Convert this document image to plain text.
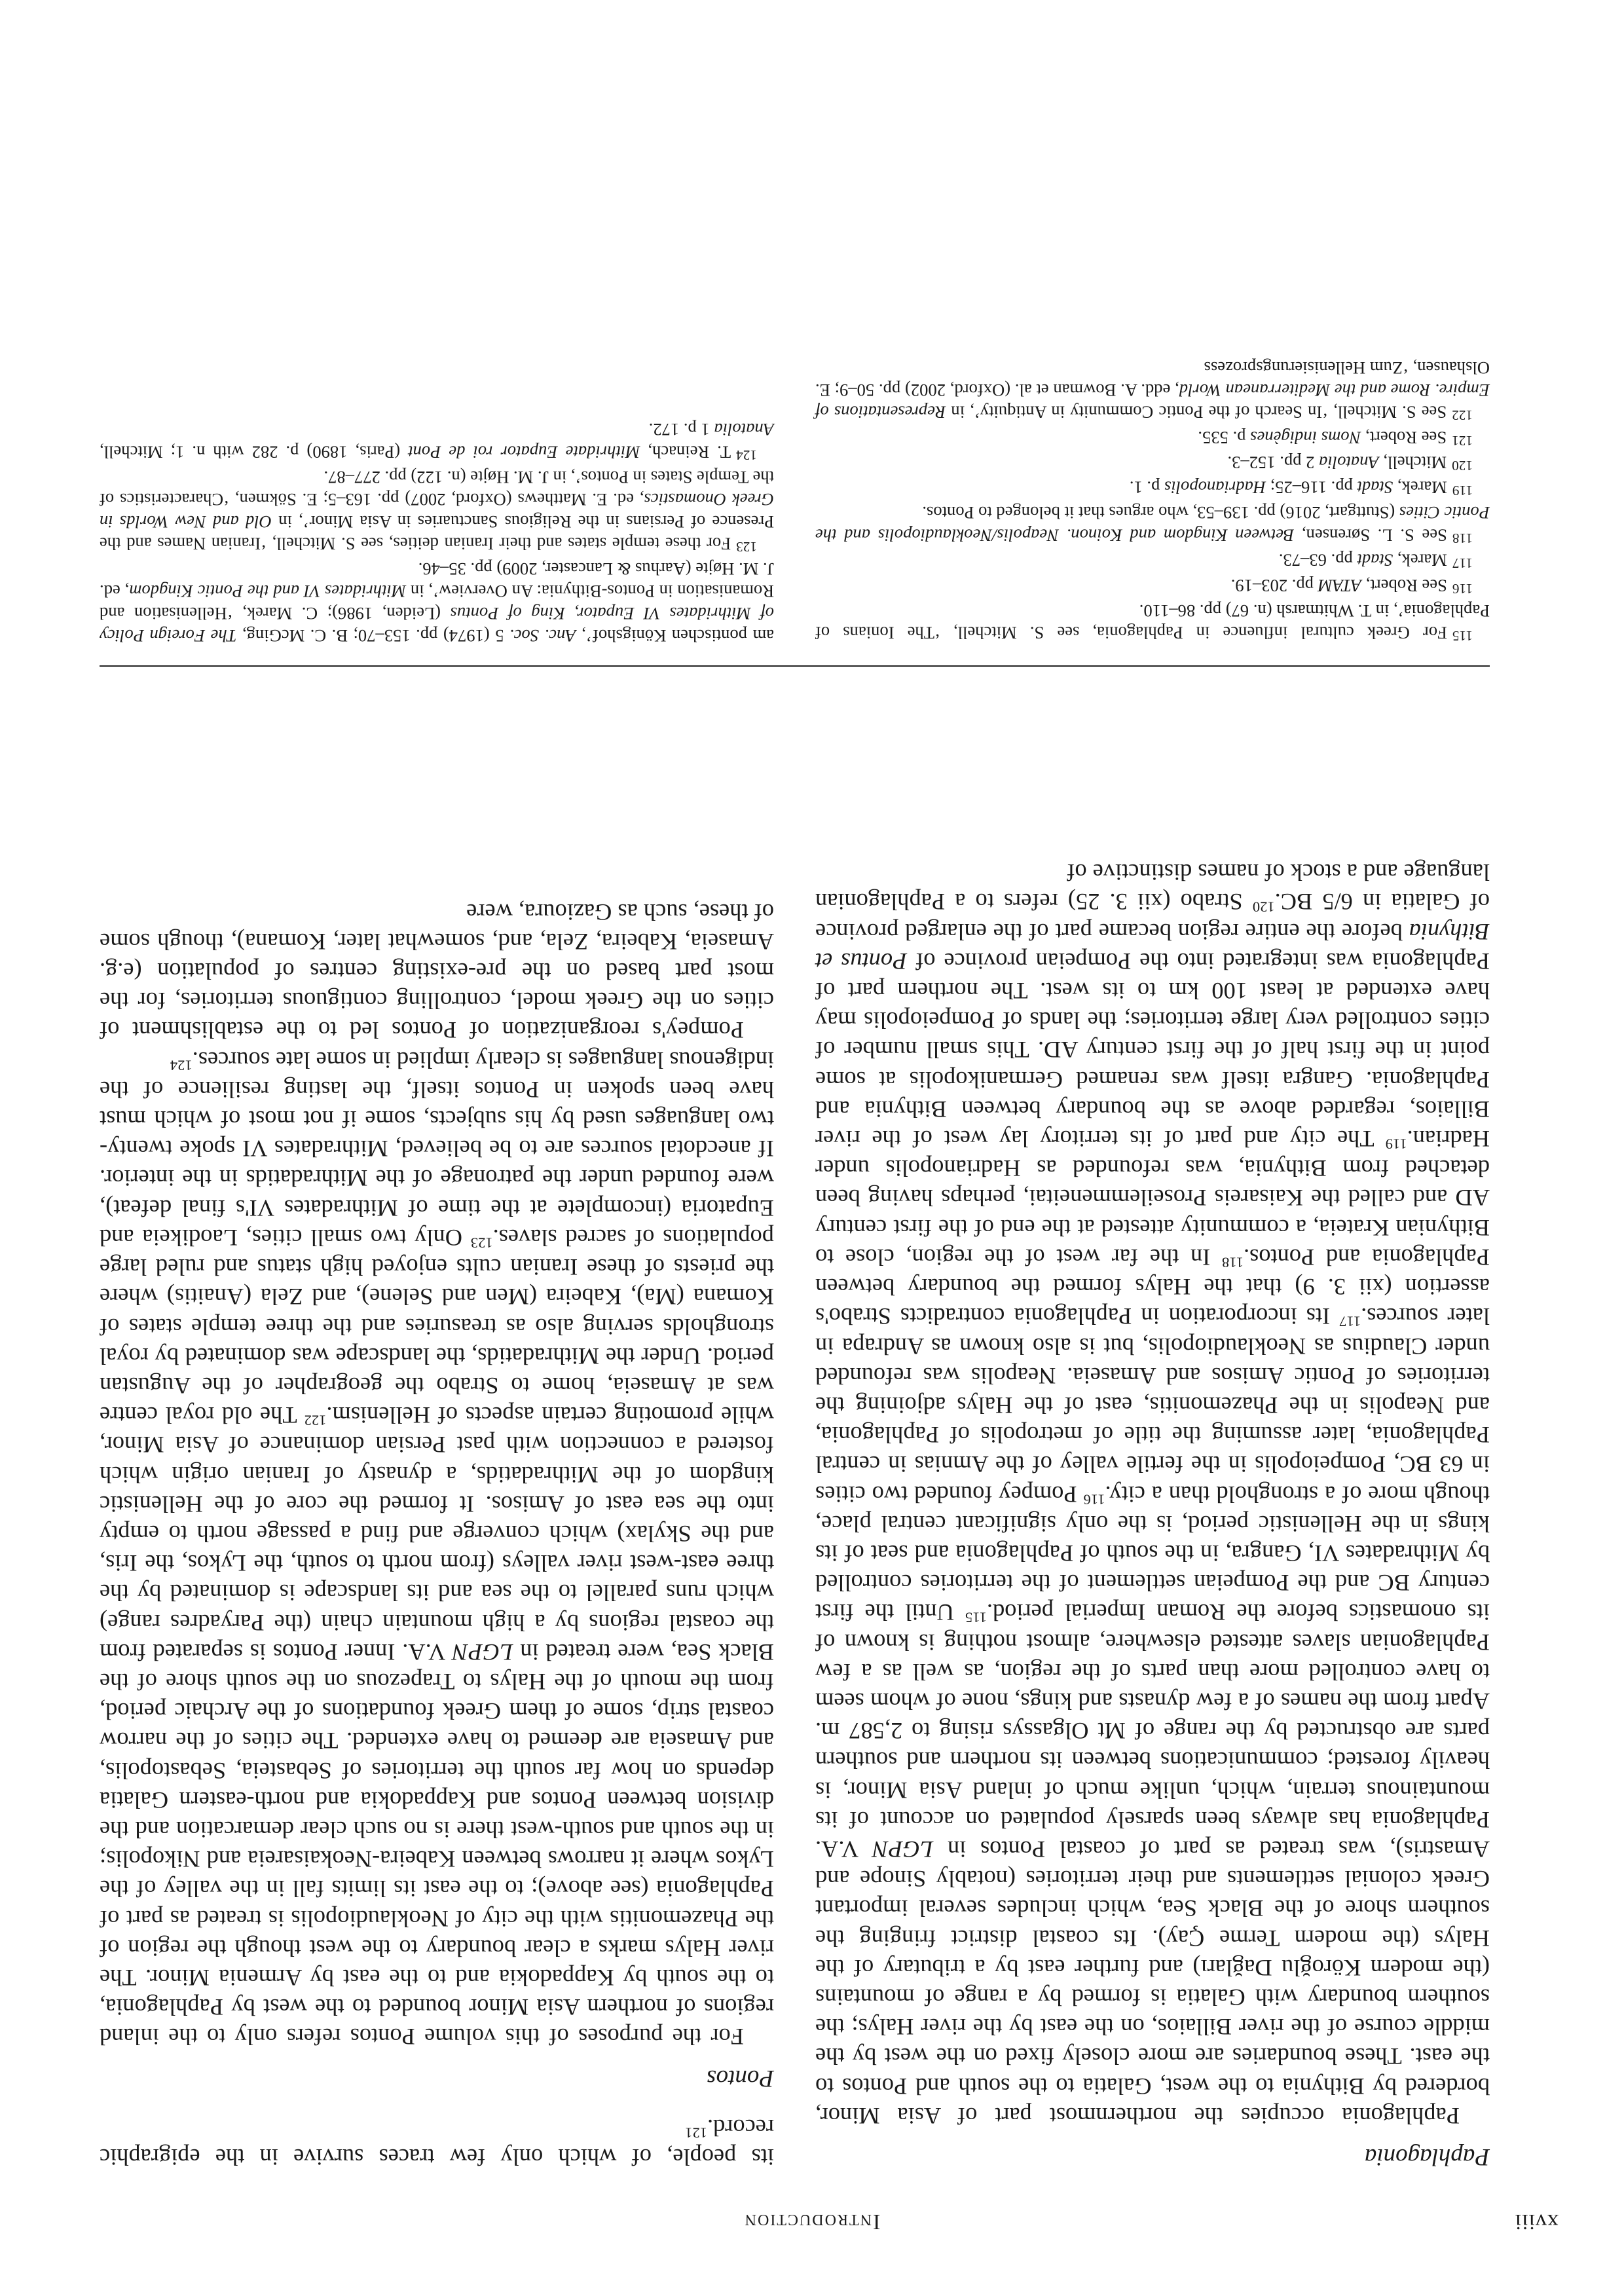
xviii
Introduction
Paphlagonia

Paphlagonia occupies the northernmost part of Asia Minor, bordered by Bithynia to the west, Galatia to the south and Pontos to the east. These boundaries are more closely fixed on the west by the middle course of the river Billaios, on the east by the river Halys; the southern boundary with Galatia is formed by a range of mountains (the modern Köroğlu Dağları) and further east by a tributary of the Halys (the modern Terme Çay). Its coastal district fringing the southern shore of the Black Sea, which includes several important Greek colonial settlements and their territories (notably Sinope and Amastris), was treated as part of coastal Pontos in LGPN V.A. Paphlagonia has always been sparsely populated on account of its mountainous terrain, which, unlike much of inland Asia Minor, is heavily forested; communications between its northern and southern parts are obstructed by the range of Mt Olgassys rising to 2,587 m. Apart from the names of a few dynasts and kings, none of whom seem to have controlled more than parts of the region, as well as a few Paphlagonian slaves attested elsewhere, almost nothing is known of its onomastics before the Roman Imperial period.$^{115}$ Until the first century BC and the Pompeian settlement of the territories controlled by Mithradates VI, Gangra, in the south of Paphlagonia and seat of its kings in the Hellenistic period, is the only significant central place, though more of a stronghold than a city.$^{116}$ Pompey founded two cities in 63 BC, Pompeiopolis in the fertile valley of the Amnias in central Paphlagonia, later assuming the title of metropolis of Paphlagonia, and Neapolis in the Phazemonitis, east of the Halys adjoining the territories of Pontic Amisos and Amaseia. Neapolis was refounded under Claudius as Neoklaudiopolis, but is also known as Andrapa in later sources.$^{117}$ Its incorporation in Paphlagonia contradicts Strabo's assertion (xii 3. 9) that the Halys formed the boundary between Paphlagonia and Pontos.$^{118}$ In the far west of the region, close to Bithynian Krateia, a community attested at the end of the first century AD and called the Kaisareis Proseilemmeneitai, perhaps having been detached from Bithynia, was refounded as Hadrianopolis under Hadrian.$^{119}$ The city and part of its territory lay west of the river Billaios, regarded above as the boundary between Bithynia and Paphlagonia. Gangra itself was renamed Germanikopolis at some point in the first half of the first century AD. This small number of cities controlled very large territories; the lands of Pompeiopolis may have extended at least 100 km to its west. The northern part of Paphlagonia was integrated into the Pompeian province of Pontus et Bithynia before the entire region became part of the enlarged province of Galatia in 6/5 BC.$^{120}$ Strabo (xii 3. 25) refers to a Paphlagonian language and a stock of names distinctive of

its people, of which only few traces survive in the epigraphic record.$^{121}$

Pontos

For the purposes of this volume Pontos refers only to the inland regions of northern Asia Minor bounded to the west by Paphlagonia, to the south by Kappadokia and to the east by Armenia Minor. The river Halys marks a clear boundary to the west though the region of the Phazemonitis with the city of Neoklaudiopolis is treated as part of Paphlagonia (see above); to the east its limits fall in the valley of the Lykos where it narrows between Kabeira-Neokaisareia and Nikopolis; in the south and south-west there is no such clear demarcation and the division between Pontos and Kappadokia and north-eastern Galatia depends on how far south the territories of Sebasteia, Sebastopolis, and Amaseia are deemed to have extended. The cities of the narrow coastal strip, some of them Greek foundations of the Archaic period, from the mouth of the Halys to Trapezous on the south shore of the Black Sea, were treated in LGPN V.A. Inner Pontos is separated from the coastal regions by a high mountain chain (the Paryadres range) which runs parallel to the sea and its landscape is dominated by the three east-west river valleys (from north to south, the Lykos, the Iris, and the Skylax) which converge and find a passage north to empty into the sea east of Amisos. It formed the core of the Hellenistic kingdom of the Mithradatids, a dynasty of Iranian origin which fostered a connection with past Persian dominance of Asia Minor, while promoting certain aspects of Hellenism.$^{122}$ The old royal centre was at Amaseia, home to Strabo the geographer of the Augustan period. Under the Mithradatids, the landscape was dominated by royal strongholds serving also as treasuries and the three temple states of Komana (Ma), Kabeira (Men and Selene), and Zela (Anaitis) where the priests of these Iranian cults enjoyed high status and ruled large populations of sacred slaves.$^{123}$ Only two small cities, Laodikeia and Eupatoria (incomplete at the time of Mithradates VI's final defeat), were founded under the patronage of the Mithradatids in the interior. If anecdotal sources are to be believed, Mithradates VI spoke twenty-two languages used by his subjects, some if not most of which must have been spoken in Pontos itself, the lasting resilience of the indigenous languages is clearly implied in some late sources.$^{124}$

Pompey's reorganization of Pontos led to the establishment of cities on the Greek model, controlling contiguous territories, for the most part based on the pre-existing centres of population (e.g. Amaseia, Kabeira, Zela, and, somewhat later, Komana), though some of these, such as Gazioura, were

$^{115}$For Greek cultural influence in Paphlagonia, see S. Mitchell, ‘The Ionians of Paphlagonia’, in T. Whitmarsh (n. 67) pp. 86–110.

$^{116}$See Robert, ATAM pp. 203–19.

$^{117}$Marek, Stadt pp. 63–73.

$^{118}$See S. L. Sørensen, Between Kingdom and Koinon. Neapolis/Neoklaudiopolis and the Pontic Cities (Stuttgart, 2016) pp. 139–53, who argues that it belonged to Pontos.

$^{119}$Marek, Stadt pp. 116–25; Hadrianopolis p. 1.

$^{120}$Mitchell, Anatolia 2 pp. 152–3.

$^{121}$See Robert, Noms indigènes p. 535.

$^{122}$See S. Mitchell, ‘In Search of the Pontic Community in Antiquity’, in Representations of Empire. Rome and the Mediterranean World, edd. A. Bowman et al. (Oxford, 2002) pp. 50–9; E. Olshausen, ‘Zum Hellenisierungsprozess

am pontischen Königshof’, Anc. Soc. 5 (1974) pp. 153–70; B. C. McGing, The Foreign Policy of Mithridates VI Eupator, King of Pontus (Leiden, 1986); C. Marek, ‘Hellenisation and Romanisation in Pontos-Bithynia: An Overview’, in Mithridates VI and the Pontic Kingdom, ed. J. M. Højte (Aarhus & Lancaster, 2009) pp. 35–46.

$^{123}$For these temple states and their Iranian deities, see S. Mitchell, ‘Iranian Names and the Presence of Persians in the Religious Sanctuaries in Asia Minor’, in Old and New Worlds in Greek Onomastics, ed. E. Matthews (Oxford, 2007) pp. 163–5; E. Sökmen, ‘Characteristics of the Temple States in Pontos’, in J. M. Højte (n. 122) pp. 277–87.

$^{124}$T. Reinach, Mithridate Eupator roi de Pont (Paris, 1890) p. 282 with n. 1; Mitchell, Anatolia 1 p. 172.
